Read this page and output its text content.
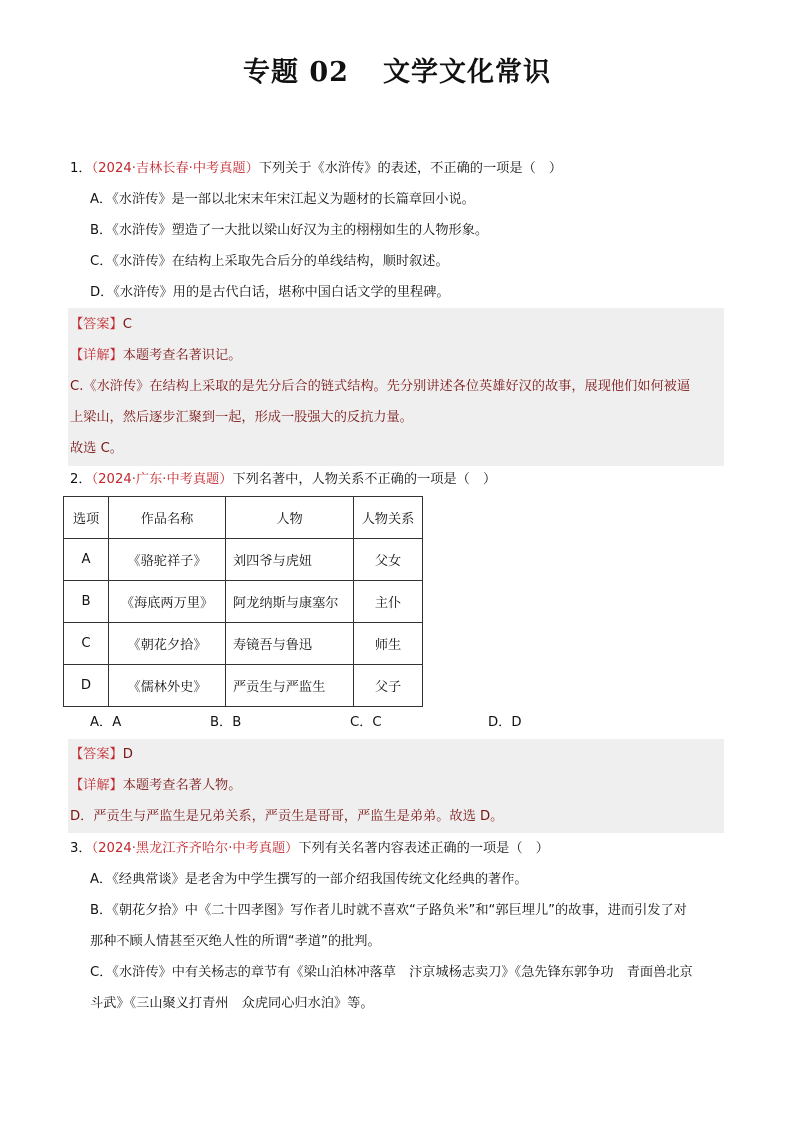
专题 02 文学文化常识
1．（2024·吉林长春·中考真题）下列关于《水浒传》的表述，不正确的一项是（　）
A．《水浒传》是一部以北宋末年宋江起义为题材的长篇章回小说。
B．《水浒传》塑造了一大批以梁山好汉为主的栩栩如生的人物形象。
C．《水浒传》在结构上采取先合后分的单线结构，顺时叙述。
D．《水浒传》用的是古代白话，堪称中国白话文学的里程碑。
【答案】C
【详解】本题考查名著识记。
C.《水浒传》在结构上采取的是先分后合的链式结构。先分别讲述各位英雄好汉的故事，展现他们如何被逼
上梁山，然后逐步汇聚到一起，形成一股强大的反抗力量。
故选 C。
2．（2024·广东·中考真题）下列名著中，人物关系不正确的一项是（　）
选项	作品名称	人物	人物关系
A	《骆驼祥子》	刘四爷与虎妞	父女
B	《海底两万里》	阿龙纳斯与康塞尔	主仆
C	《朝花夕拾》	寿镜吾与鲁迅	师生
D	《儒林外史》	严贡生与严监生	父子
A．A	B．B	C．C	D．D
【答案】D
【详解】本题考查名著人物。
D．严贡生与严监生是兄弟关系，严贡生是哥哥，严监生是弟弟。故选 D。
3．（2024·黑龙江齐齐哈尔·中考真题）下列有关名著内容表述正确的一项是（　）
A．《经典常谈》是老舍为中学生撰写的一部介绍我国传统文化经典的著作。
B．《朝花夕拾》中《二十四孝图》写作者儿时就不喜欢“子路负米”和“郭巨埋儿”的故事，进而引发了对
那种不顾人情甚至灭绝人性的所谓“孝道”的批判。
C．《水浒传》中有关杨志的章节有《梁山泊林冲落草　汴京城杨志卖刀》《急先锋东郭争功　青面兽北京
斗武》《三山聚义打青州　众虎同心归水泊》等。
